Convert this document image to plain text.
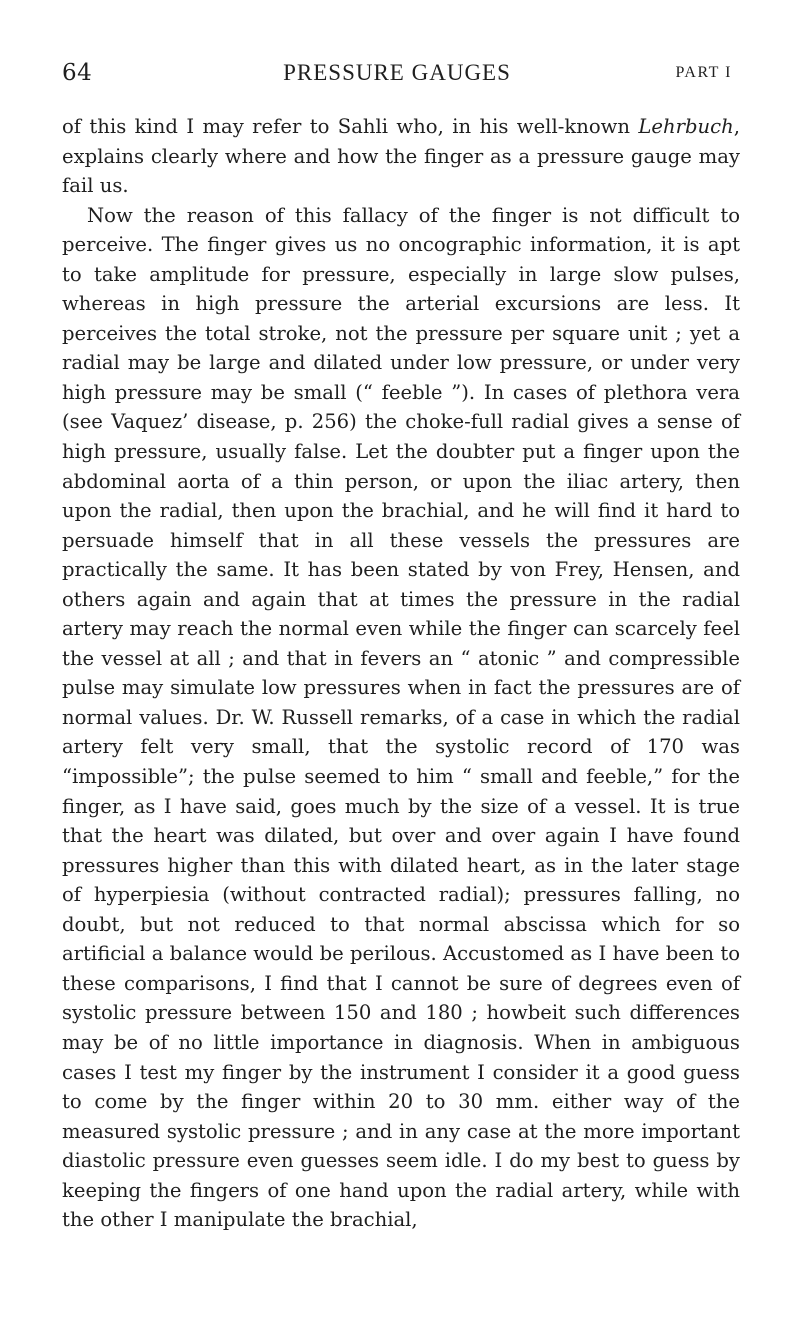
64	PRESSURE GAUGES	PART I

of this kind I may refer to Sahli who, in his well-known Lehrbuch, explains clearly where and how the finger as a pressure gauge may fail us.

Now the reason of this fallacy of the finger is not difficult to perceive. The finger gives us no oncographic information, it is apt to take amplitude for pressure, especially in large slow pulses, whereas in high pressure the arterial excursions are less. It perceives the total stroke, not the pressure per square unit ; yet a radial may be large and dilated under low pressure, or under very high pressure may be small (“ feeble ”). In cases of plethora vera (see Vaquez’ disease, p. 256) the choke-full radial gives a sense of high pressure, usually false. Let the doubter put a finger upon the abdominal aorta of a thin person, or upon the iliac artery, then upon the radial, then upon the brachial, and he will find it hard to persuade himself that in all these vessels the pressures are practically the same. It has been stated by von Frey, Hensen, and others again and again that at times the pressure in the radial artery may reach the normal even while the finger can scarcely feel the vessel at all ; and that in fevers an “ atonic ” and compressible pulse may simulate low pressures when in fact the pressures are of normal values. Dr. W. Russell remarks, of a case in which the radial artery felt very small, that the systolic record of 170 was “impossible”; the pulse seemed to him “ small and feeble,” for the finger, as I have said, goes much by the size of a vessel. It is true that the heart was dilated, but over and over again I have found pressures higher than this with dilated heart, as in the later stage of hyperpiesia (without contracted radial); pressures falling, no doubt, but not reduced to that normal abscissa which for so artificial a balance would be perilous. Accustomed as I have been to these comparisons, I find that I cannot be sure of degrees even of systolic pressure between 150 and 180 ; howbeit such differences may be of no little importance in diagnosis. When in ambiguous cases I test my finger by the instrument I consider it a good guess to come by the finger within 20 to 30 mm. either way of the measured systolic pressure ; and in any case at the more important diastolic pressure even guesses seem idle. I do my best to guess by keeping the fingers of one hand upon the radial artery, while with the other I manipulate the brachial,
